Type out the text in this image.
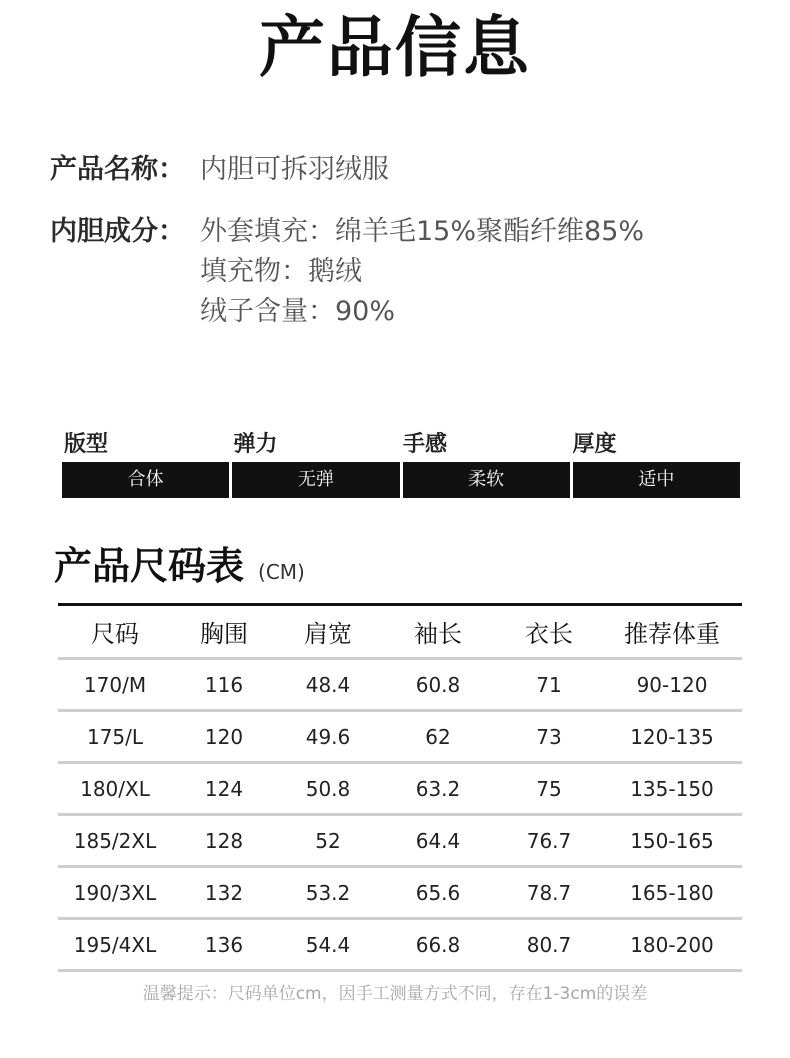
产品信息
产品名称： 内胆可拆羽绒服
内胆成分： 外套填充：绵羊毛15%聚酯纤维85%
填充物：鹅绒
绒子含量：90%
版型	弹力	手感	厚度
合体	无弹	柔软	适中
产品尺码表 (CM)
尺码	胸围	肩宽	袖长	衣长	推荐体重
170/M	116	48.4	60.8	71	90-120
175/L	120	49.6	62	73	120-135
180/XL	124	50.8	63.2	75	135-150
185/2XL	128	52	64.4	76.7	150-165
190/3XL	132	53.2	65.6	78.7	165-180
195/4XL	136	54.4	66.8	80.7	180-200
温馨提示：尺码单位cm，因手工测量方式不同，存在1-3cm的误差
